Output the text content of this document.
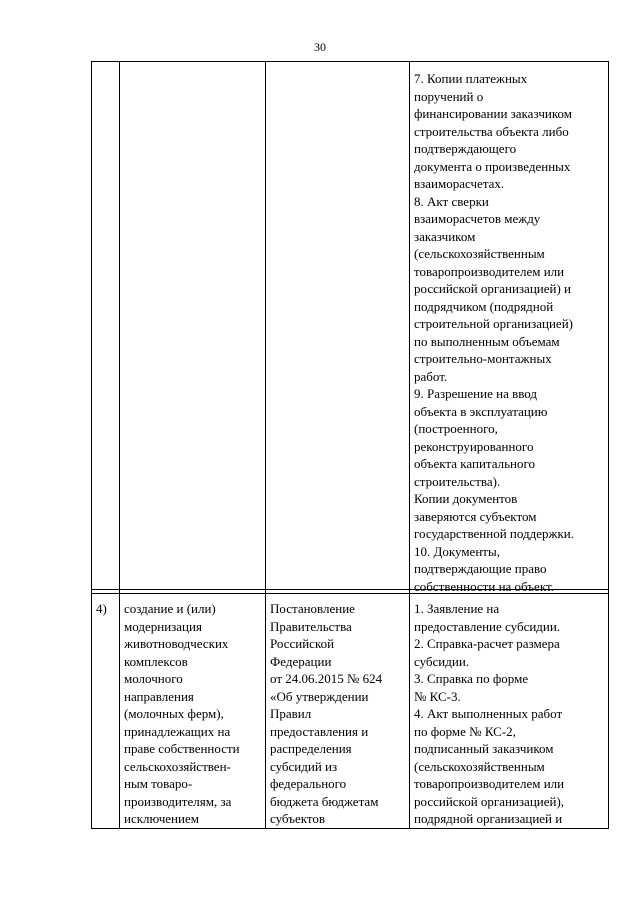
30
7. Копии платежных
поручений о
финансировании заказчиком
строительства объекта либо
подтверждающего
документа о произведенных
взаиморасчетах.
8. Акт сверки
взаиморасчетов между
заказчиком
(сельскохозяйственным
товаропроизводителем или
российской организацией) и
подрядчиком (подрядной
строительной организацией)
по выполненным объемам
строительно-монтажных
работ.
9. Разрешение на ввод
объекта в эксплуатацию
(построенного,
реконструированного
объекта капитального
строительства).
Копии документов
заверяются субъектом
государственной поддержки.
10. Документы,
подтверждающие право
собственности на объект.
4)	создание и (или)
модернизация
животноводческих
комплексов
молочного
направления
(молочных ферм),
принадлежащих на
праве собственности
сельскохозяйствен-
ным товаро-
производителям, за
исключением
Постановление
Правительства
Российской
Федерации
от 24.06.2015 № 624
«Об утверждении
Правил
предоставления и
распределения
субсидий из
федерального
бюджета бюджетам
субъектов
1. Заявление на
предоставление субсидии.
2. Справка-расчет размера
субсидии.
3. Справка по форме
№ КС-3.
4. Акт выполненных работ
по форме № КС-2,
подписанный заказчиком
(сельскохозяйственным
товаропроизводителем или
российской организацией),
подрядной организацией и
